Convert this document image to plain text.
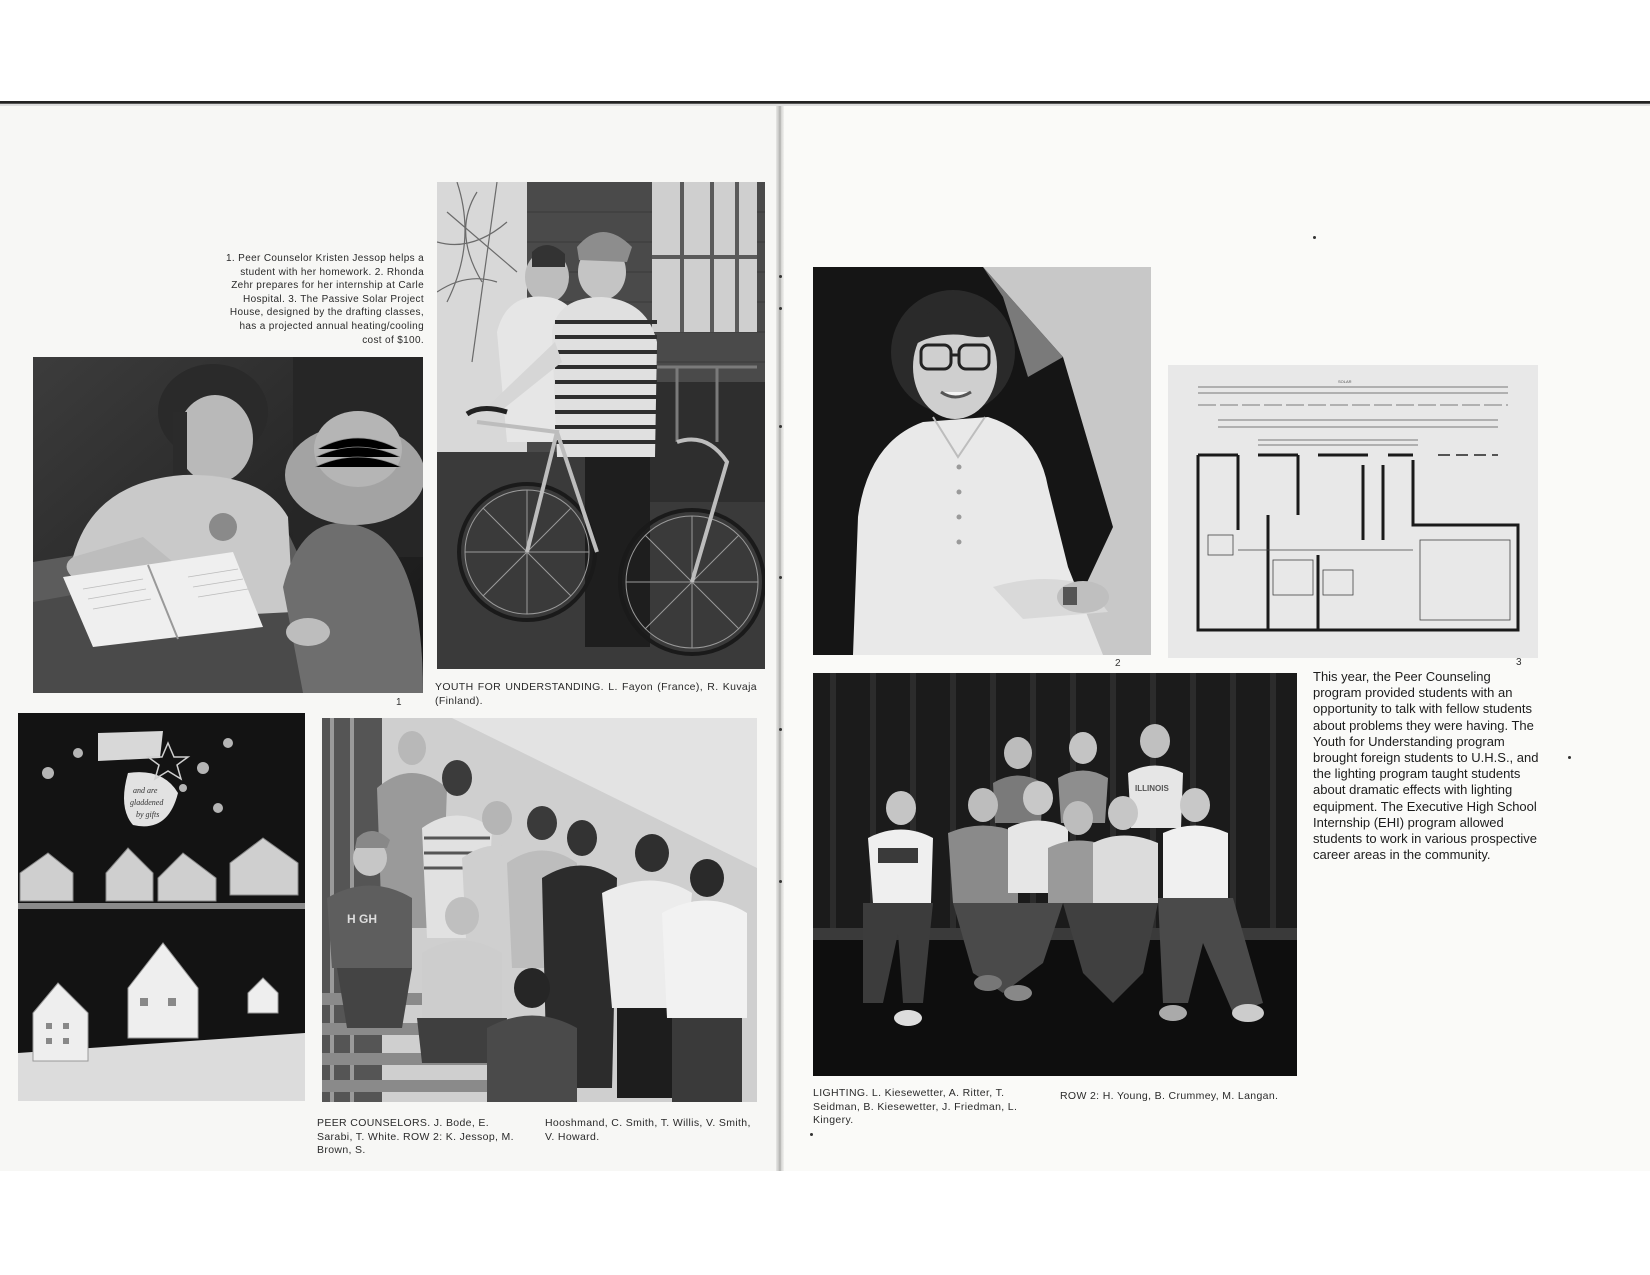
1. Peer Counselor Kristen Jessop helps a student with her homework. 2. Rhonda Zehr prepares for her internship at Carle Hospital. 3. The Passive Solar Project House, designed by the drafting classes, has a projected annual heating/cooling cost of $100.
1
YOUTH FOR UNDERSTANDING. L. Fayon (France), R. Kuvaja (Finland).
and are
gladdened
by gifts
H GH
PEER COUNSELORS. J. Bode, E. Sarabi, T. White. ROW 2: K. Jessop, M. Brown, S.
Hooshmand, C. Smith, T. Willis, V. Smith, V. Howard.
2
SOLAR
3
ILLINOIS
LIGHTING. L. Kiesewetter, A. Ritter, T. Seidman, B. Kiesewetter, J. Friedman, L. Kingery.
ROW 2: H. Young, B. Crummey, M. Langan.
This year, the Peer Counseling program provided students with an opportunity to talk with fellow students about problems they were having. The Youth for Understanding program brought foreign students to U.H.S., and the lighting program taught students about dramatic effects with lighting equipment. The Executive High School Internship (EHI) program allowed students to work in various prospective career areas in the community.
